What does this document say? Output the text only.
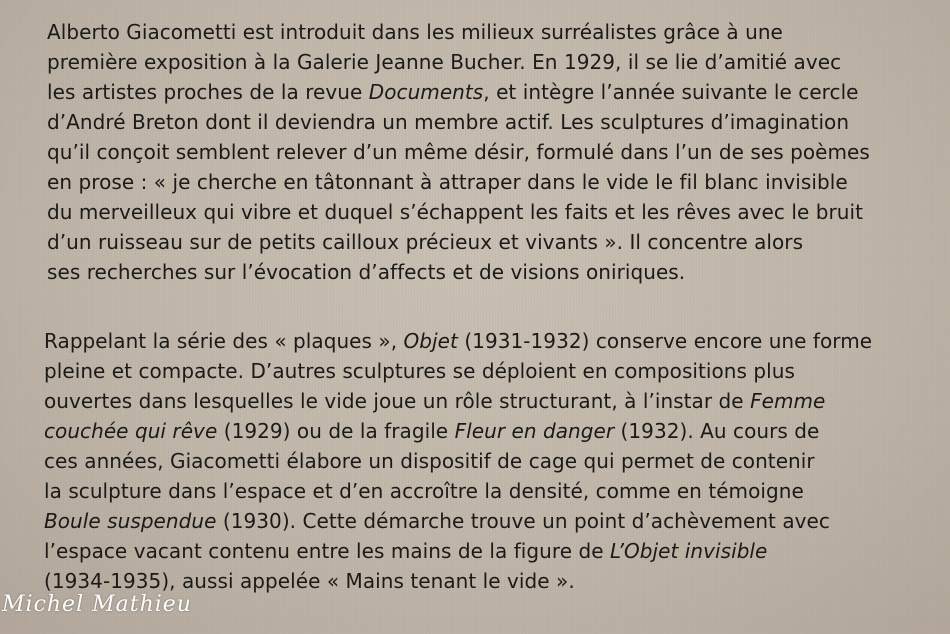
Alberto Giacometti est introduit dans les milieux surréalistes grâce à une
première exposition à la Galerie Jeanne Bucher. En 1929, il se lie d’amitié avec
les artistes proches de la revue Documents, et intègre l’année suivante le cercle
d’André Breton dont il deviendra un membre actif. Les sculptures d’imagination
qu’il conçoit semblent relever d’un même désir, formulé dans l’un de ses poèmes
en prose : « je cherche en tâtonnant à attraper dans le vide le fil blanc invisible
du merveilleux qui vibre et duquel s’échappent les faits et les rêves avec le bruit
d’un ruisseau sur de petits cailloux précieux et vivants ». Il concentre alors
ses recherches sur l’évocation d’affects et de visions oniriques.
Rappelant la série des « plaques », Objet (1931-1932) conserve encore une forme
pleine et compacte. D’autres sculptures se déploient en compositions plus
ouvertes dans lesquelles le vide joue un rôle structurant, à l’instar de Femme
couchée qui rêve (1929) ou de la fragile Fleur en danger (1932). Au cours de
ces années, Giacometti élabore un dispositif de cage qui permet de contenir
la sculpture dans l’espace et d’en accroître la densité, comme en témoigne
Boule suspendue (1930). Cette démarche trouve un point d’achèvement avec
l’espace vacant contenu entre les mains de la figure de L’Objet invisible
(1934-1935), aussi appelée « Mains tenant le vide ».
Michel Mathieu
